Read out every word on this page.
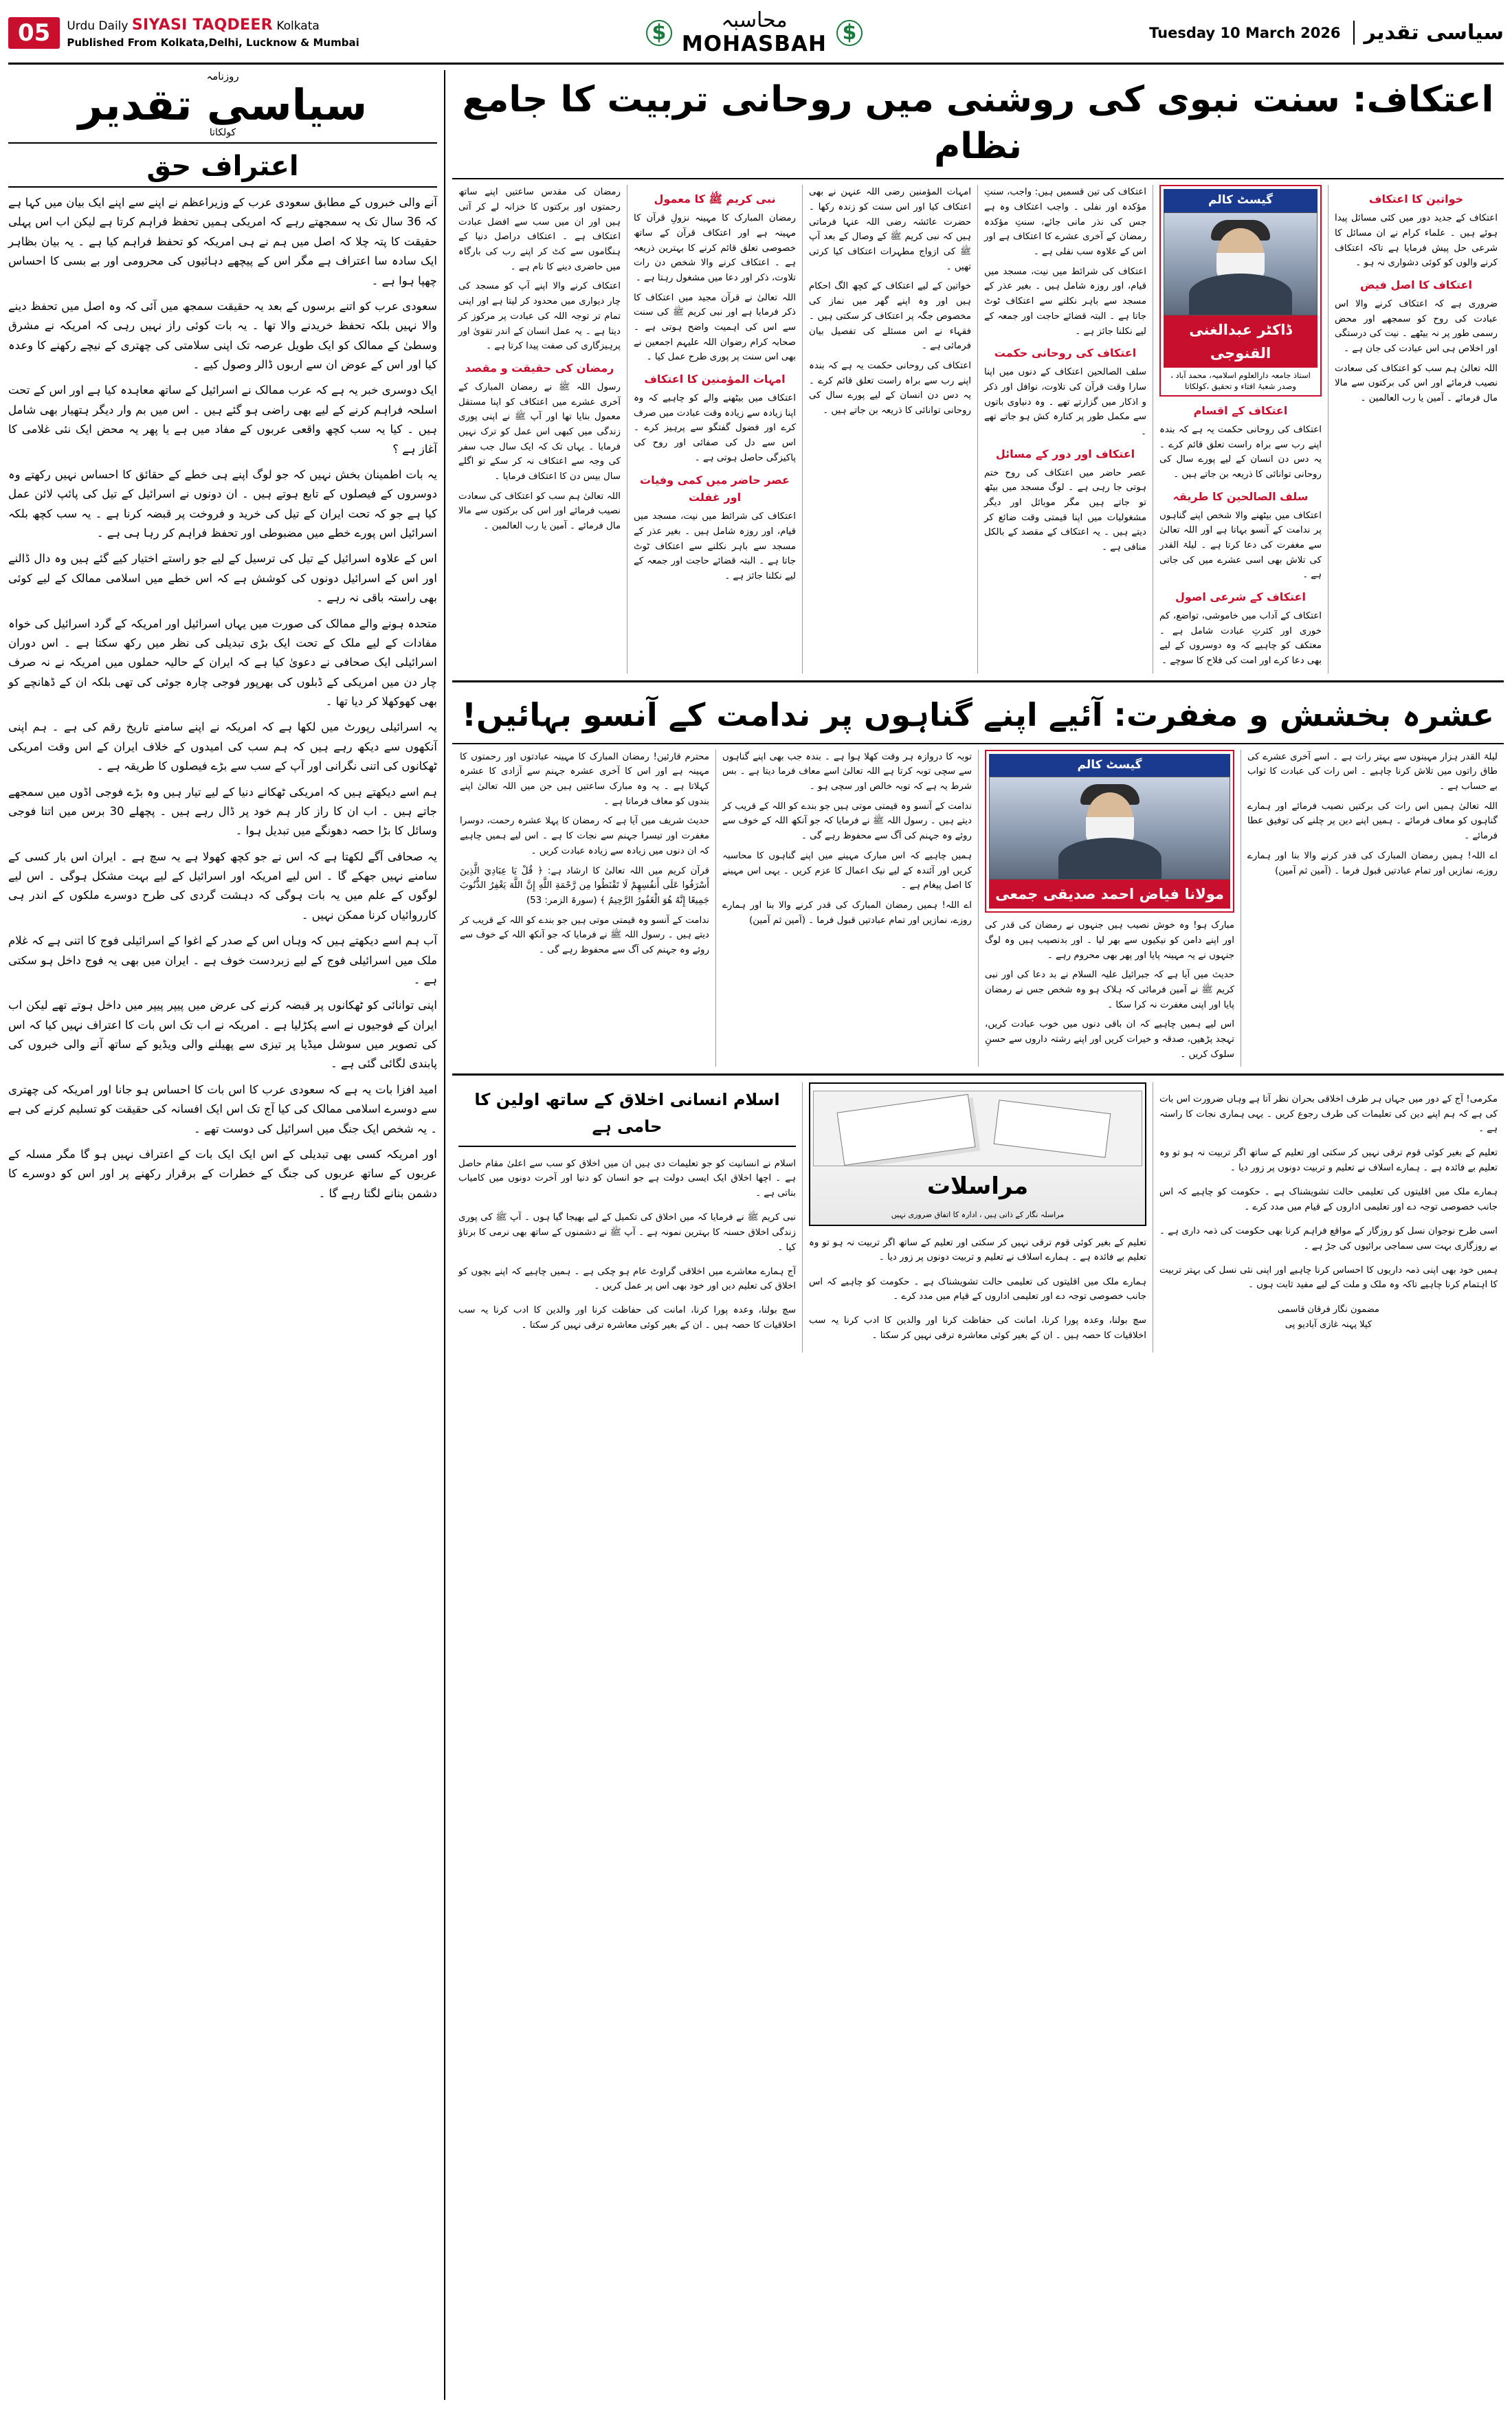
05	Urdu Daily SIYASI TAQDEER Kolkata
Published From Kolkata,Delhi, Lucknow & Mumbai	$
محاسبہ
MOHASBAH $	Tuesday 10 March 2026	سیاسی تقدیر
اعتکاف: سنت نبوی کی روشنی میں روحانی تربیت کا جامع نظام
خواتین کا اعتکاف

اعتکاف کے جدید دور میں کئی مسائل پیدا ہوئے ہیں ۔ علماء کرام نے ان مسائل کا شرعی حل پیش فرمایا ہے تاکہ اعتکاف کرنے والوں کو کوئی دشواری نہ ہو ۔

اعتکاف کا اصل فیض

ضروری ہے کہ اعتکاف کرنے والا اس عبادت کی روح کو سمجھے اور محض رسمی طور پر نہ بیٹھے ۔ نیت کی درستگی اور اخلاص ہی اس عبادت کی جان ہے ۔

اللہ تعالیٰ ہم سب کو اعتکاف کی سعادت نصیب فرمائے اور اس کی برکتوں سے مالا مال فرمائے ۔ آمین یا رب العالمین ۔

گیسٹ کالم
ڈاکٹر عبدالغنی القنوجی
استاذ جامعہ دارالعلوم اسلامیہ، محمد آباد ، وصدر شعبۂ افتاء و تحقیق ،کولکاتا
اعتکاف کے اقسام

اعتکاف کی روحانی حکمت یہ ہے کہ بندہ اپنے رب سے براہ راست تعلق قائم کرے ۔ یہ دس دن انسان کے لیے پورے سال کی روحانی توانائی کا ذریعہ بن جاتے ہیں ۔

سلف الصالحین کا طریقہ

اعتکاف میں بیٹھنے والا شخص اپنے گناہوں پر ندامت کے آنسو بہاتا ہے اور اللہ تعالیٰ سے مغفرت کی دعا کرتا ہے ۔ لیلۃ القدر کی تلاش بھی اسی عشرے میں کی جاتی ہے ۔

اعتکاف کے شرعی اصول

اعتکاف کے آداب میں خاموشی، تواضع، کم خوری اور کثرتِ عبادت شامل ہے ۔ معتکف کو چاہیے کہ وہ دوسروں کے لیے بھی دعا کرے اور امت کی فلاح کا سوچے ۔

اعتکاف کی تین قسمیں ہیں: واجب، سنتِ مؤکدہ اور نفلی ۔ واجب اعتکاف وہ ہے جس کی نذر مانی جائے، سنتِ مؤکدہ رمضان کے آخری عشرے کا اعتکاف ہے اور اس کے علاوہ سب نفلی ہے ۔

اعتکاف کی شرائط میں نیت، مسجد میں قیام، اور روزہ شامل ہیں ۔ بغیر عذر کے مسجد سے باہر نکلنے سے اعتکاف ٹوٹ جاتا ہے ۔ البتہ قضائے حاجت اور جمعہ کے لیے نکلنا جائز ہے ۔

اعتکاف کی روحانی حکمت

سلف الصالحین اعتکاف کے دنوں میں اپنا سارا وقت قرآن کی تلاوت، نوافل اور ذکر و اذکار میں گزارتے تھے ۔ وہ دنیاوی باتوں سے مکمل طور پر کنارہ کش ہو جاتے تھے ۔

اعتکاف اور دور کے مسائل

عصر حاضر میں اعتکاف کی روح ختم ہوتی جا رہی ہے ۔ لوگ مسجد میں بیٹھ تو جاتے ہیں مگر موبائل اور دیگر مشغولیات میں اپنا قیمتی وقت ضائع کر دیتے ہیں ۔ یہ اعتکاف کے مقصد کے بالکل منافی ہے ۔

امہات المؤمنین رضی اللہ عنہن نے بھی اعتکاف کیا اور اس سنت کو زندہ رکھا ۔ حضرت عائشہ رضی اللہ عنہا فرماتی ہیں کہ نبی کریم ﷺ کے وصال کے بعد آپ ﷺ کی ازواج مطہرات اعتکاف کیا کرتی تھیں ۔

خواتین کے لیے اعتکاف کے کچھ الگ احکام ہیں اور وہ اپنے گھر میں نماز کی مخصوص جگہ پر اعتکاف کر سکتی ہیں ۔ فقہاء نے اس مسئلے کی تفصیل بیان فرمائی ہے ۔

اعتکاف کی روحانی حکمت یہ ہے کہ بندہ اپنے رب سے براہ راست تعلق قائم کرے ۔ یہ دس دن انسان کے لیے پورے سال کی روحانی توانائی کا ذریعہ بن جاتے ہیں ۔

نبی کریم ﷺ کا معمول

رمضان المبارک کا مہینہ نزولِ قرآن کا مہینہ ہے اور اعتکاف قرآن کے ساتھ خصوصی تعلق قائم کرنے کا بہترین ذریعہ ہے ۔ اعتکاف کرنے والا شخص دن رات تلاوت، ذکر اور دعا میں مشغول رہتا ہے ۔

اللہ تعالیٰ نے قرآن مجید میں اعتکاف کا ذکر فرمایا ہے اور نبی کریم ﷺ کی سنت سے اس کی اہمیت واضح ہوتی ہے ۔ صحابہ کرام رضوان اللہ علیہم اجمعین نے بھی اس سنت پر پوری طرح عمل کیا ۔

امہات المؤمنین کا اعتکاف

اعتکاف میں بیٹھنے والے کو چاہیے کہ وہ اپنا زیادہ سے زیادہ وقت عبادت میں صرف کرے اور فضول گفتگو سے پرہیز کرے ۔ اس سے دل کی صفائی اور روح کی پاکیزگی حاصل ہوتی ہے ۔

عصر حاضر میں کمی وفیات اور غفلت

اعتکاف کی شرائط میں نیت، مسجد میں قیام، اور روزہ شامل ہیں ۔ بغیر عذر کے مسجد سے باہر نکلنے سے اعتکاف ٹوٹ جاتا ہے ۔ البتہ قضائے حاجت اور جمعہ کے لیے نکلنا جائز ہے ۔

رمضان کی مقدس ساعتیں اپنے ساتھ رحمتوں اور برکتوں کا خزانہ لے کر آتی ہیں اور ان میں سب سے افضل عبادت اعتکاف ہے ۔ اعتکاف دراصل دنیا کے ہنگاموں سے کٹ کر اپنے رب کی بارگاہ میں حاضری دینے کا نام ہے ۔

اعتکاف کرنے والا اپنے آپ کو مسجد کی چار دیواری میں محدود کر لیتا ہے اور اپنی تمام تر توجہ اللہ کی عبادت پر مرکوز کر دیتا ہے ۔ یہ عمل انسان کے اندر تقویٰ اور پرہیزگاری کی صفت پیدا کرتا ہے ۔

رمضان کی حقیقت و مقصد

رسول اللہ ﷺ نے رمضان المبارک کے آخری عشرے میں اعتکاف کو اپنا مستقل معمول بنایا تھا اور آپ ﷺ نے اپنی پوری زندگی میں کبھی اس عمل کو ترک نہیں فرمایا ۔ یہاں تک کہ ایک سال جب سفر کی وجہ سے اعتکاف نہ کر سکے تو اگلے سال بیس دن کا اعتکاف فرمایا ۔

اللہ تعالیٰ ہم سب کو اعتکاف کی سعادت نصیب فرمائے اور اس کی برکتوں سے مالا مال فرمائے ۔ آمین یا رب العالمین ۔

عشرہ بخشش و مغفرت: آئیے اپنے گناہوں پر ندامت کے آنسو بہائیں!

لیلۃ القدر ہزار مہینوں سے بہتر رات ہے ۔ اسے آخری عشرے کی طاق راتوں میں تلاش کرنا چاہیے ۔ اس رات کی عبادت کا ثواب بے حساب ہے ۔

اللہ تعالیٰ ہمیں اس رات کی برکتیں نصیب فرمائے اور ہمارے گناہوں کو معاف فرمائے ۔ ہمیں اپنے دین پر چلنے کی توفیق عطا فرمائے ۔

اے اللہ! ہمیں رمضان المبارک کی قدر کرنے والا بنا اور ہمارے روزے، نمازیں اور تمام عبادتیں قبول فرما ۔ (آمین ثم آمین)

گیسٹ کالم
مولانا فیاض احمد صدیقی جمعی

مبارک ہو! وہ خوش نصیب ہیں جنہوں نے رمضان کی قدر کی اور اپنے دامن کو نیکیوں سے بھر لیا ۔ اور بدنصیب ہیں وہ لوگ جنہوں نے یہ مہینہ پایا اور پھر بھی محروم رہے ۔

حدیث میں آیا ہے کہ جبرائیل علیہ السلام نے بد دعا کی اور نبی کریم ﷺ نے آمین فرمائی کہ ہلاک ہو وہ شخص جس نے رمضان پایا اور اپنی مغفرت نہ کرا سکا ۔

اس لیے ہمیں چاہیے کہ ان باقی دنوں میں خوب عبادت کریں، تہجد پڑھیں، صدقہ و خیرات کریں اور اپنے رشتہ داروں سے حسنِ سلوک کریں ۔

توبہ کا دروازہ ہر وقت کھلا ہوا ہے ۔ بندہ جب بھی اپنے گناہوں سے سچی توبہ کرتا ہے اللہ تعالیٰ اسے معاف فرما دیتا ہے ۔ بس شرط یہ ہے کہ توبہ خالص اور سچی ہو ۔

ندامت کے آنسو وہ قیمتی موتی ہیں جو بندے کو اللہ کے قریب کر دیتے ہیں ۔ رسول اللہ ﷺ نے فرمایا کہ جو آنکھ اللہ کے خوف سے روئے وہ جہنم کی آگ سے محفوظ رہے گی ۔

ہمیں چاہیے کہ اس مبارک مہینے میں اپنے گناہوں کا محاسبہ کریں اور آئندہ کے لیے نیک اعمال کا عزم کریں ۔ یہی اس مہینے کا اصل پیغام ہے ۔

اے اللہ! ہمیں رمضان المبارک کی قدر کرنے والا بنا اور ہمارے روزے، نمازیں اور تمام عبادتیں قبول فرما ۔ (آمین ثم آمین)

محترم قارئین! رمضان المبارک کا مہینہ عبادتوں اور رحمتوں کا مہینہ ہے اور اس کا آخری عشرہ جہنم سے آزادی کا عشرہ کہلاتا ہے ۔ یہ وہ مبارک ساعتیں ہیں جن میں اللہ تعالیٰ اپنے بندوں کو معاف فرماتا ہے ۔

حدیث شریف میں آیا ہے کہ رمضان کا پہلا عشرہ رحمت، دوسرا مغفرت اور تیسرا جہنم سے نجات کا ہے ۔ اس لیے ہمیں چاہیے کہ ان دنوں میں زیادہ سے زیادہ عبادت کریں ۔

قرآن کریم میں اللہ تعالیٰ کا ارشاد ہے: ﴿ قُلْ يَا عِبَادِيَ الَّذِينَ أَسْرَفُوا عَلَى أَنفُسِهِمْ لَا تَقْنَطُوا مِن رَّحْمَةِ اللَّهِ إِنَّ اللَّهَ يَغْفِرُ الذُّنُوبَ جَمِيعًا إِنَّهُ هُوَ الْغَفُورُ الرَّحِيمُ ﴾ (سورۃ الزمر: 53)

ندامت کے آنسو وہ قیمتی موتی ہیں جو بندے کو اللہ کے قریب کر دیتے ہیں ۔ رسول اللہ ﷺ نے فرمایا کہ جو آنکھ اللہ کے خوف سے روئے وہ جہنم کی آگ سے محفوظ رہے گی ۔

مکرمی! آج کے دور میں جہاں ہر طرف اخلاقی بحران نظر آتا ہے وہاں ضرورت اس بات کی ہے کہ ہم اپنے دین کی تعلیمات کی طرف رجوع کریں ۔ یہی ہماری نجات کا راستہ ہے ۔

تعلیم کے بغیر کوئی قوم ترقی نہیں کر سکتی اور تعلیم کے ساتھ اگر تربیت نہ ہو تو وہ تعلیم بے فائدہ ہے ۔ ہمارے اسلاف نے تعلیم و تربیت دونوں پر زور دیا ۔

ہمارے ملک میں اقلیتوں کی تعلیمی حالت تشویشناک ہے ۔ حکومت کو چاہیے کہ اس جانب خصوصی توجہ دے اور تعلیمی اداروں کے قیام میں مدد کرے ۔

اسی طرح نوجوان نسل کو روزگار کے مواقع فراہم کرنا بھی حکومت کی ذمہ داری ہے ۔ بے روزگاری بہت سی سماجی برائیوں کی جڑ ہے ۔

ہمیں خود بھی اپنی ذمہ داریوں کا احساس کرنا چاہیے اور اپنی نئی نسل کی بہتر تربیت کا اہتمام کرنا چاہیے تاکہ وہ ملک و ملت کے لیے مفید ثابت ہوں ۔

مضمون نگار فرقان قاسمی
کیلا پہنہ غازی آبادیو پی
مراسلات
مراسلہ نگار کے ذاتی ہیں ، ادارہ کا اتفاق ضروری نہیں

تعلیم کے بغیر کوئی قوم ترقی نہیں کر سکتی اور تعلیم کے ساتھ اگر تربیت نہ ہو تو وہ تعلیم بے فائدہ ہے ۔ ہمارے اسلاف نے تعلیم و تربیت دونوں پر زور دیا ۔

ہمارے ملک میں اقلیتوں کی تعلیمی حالت تشویشناک ہے ۔ حکومت کو چاہیے کہ اس جانب خصوصی توجہ دے اور تعلیمی اداروں کے قیام میں مدد کرے ۔

سچ بولنا، وعدہ پورا کرنا، امانت کی حفاظت کرنا اور والدین کا ادب کرنا یہ سب اخلاقیات کا حصہ ہیں ۔ ان کے بغیر کوئی معاشرہ ترقی نہیں کر سکتا ۔

اسلام انسانی اخلاق کے ساتھ اولین کا حامی ہے

اسلام نے انسانیت کو جو تعلیمات دی ہیں ان میں اخلاق کو سب سے اعلیٰ مقام حاصل ہے ۔ اچھا اخلاق ایک ایسی دولت ہے جو انسان کو دنیا اور آخرت دونوں میں کامیاب بناتی ہے ۔

نبی کریم ﷺ نے فرمایا کہ میں اخلاق کی تکمیل کے لیے بھیجا گیا ہوں ۔ آپ ﷺ کی پوری زندگی اخلاق حسنہ کا بہترین نمونہ ہے ۔ آپ ﷺ نے دشمنوں کے ساتھ بھی نرمی کا برتاؤ کیا ۔

آج ہمارے معاشرے میں اخلاقی گراوٹ عام ہو چکی ہے ۔ ہمیں چاہیے کہ اپنے بچوں کو اخلاق کی تعلیم دیں اور خود بھی اس پر عمل کریں ۔

سچ بولنا، وعدہ پورا کرنا، امانت کی حفاظت کرنا اور والدین کا ادب کرنا یہ سب اخلاقیات کا حصہ ہیں ۔ ان کے بغیر کوئی معاشرہ ترقی نہیں کر سکتا ۔

روزنامہ
سیاسی تقدیر
کولکاتا
اعتراف حق

آنے والی خبروں کے مطابق سعودی عرب کے وزیراعظم نے اپنے سے اپنے ایک بیان میں کہا ہے کہ 36 سال تک یہ سمجھتے رہے کہ امریکی ہمیں تحفظ فراہم کرتا ہے لیکن اب اس پہلی حقیقت کا پتہ چلا کہ اصل میں ہم نے ہی امریکہ کو تحفظ فراہم کیا ہے ۔ یہ بیان بظاہر ایک سادہ سا اعتراف ہے مگر اس کے پیچھے دہائیوں کی محرومی اور بے بسی کا احساس چھپا ہوا ہے ۔

سعودی عرب کو اتنے برسوں کے بعد یہ حقیقت سمجھ میں آئی کہ وہ اصل میں تحفظ دینے والا نہیں بلکہ تحفظ خریدنے والا تھا ۔ یہ بات کوئی راز نہیں رہی کہ امریکہ نے مشرق وسطیٰ کے ممالک کو ایک طویل عرصہ تک اپنی سلامتی کی چھتری کے نیچے رکھنے کا وعدہ کیا اور اس کے عوض ان سے اربوں ڈالر وصول کیے ۔

ایک دوسری خبر یہ ہے کہ عرب ممالک نے اسرائیل کے ساتھ معاہدہ کیا ہے اور اس کے تحت اسلحہ فراہم کرنے کے لیے بھی راضی ہو گئے ہیں ۔ اس میں بم وار دیگر ہتھیار بھی شامل ہیں ۔ کیا یہ سب کچھ واقعی عربوں کے مفاد میں ہے یا پھر یہ محض ایک نئی غلامی کا آغاز ہے ؟

یہ بات اطمینان بخش نہیں کہ جو لوگ اپنے ہی خطے کے حقائق کا احساس نہیں رکھتے وہ دوسروں کے فیصلوں کے تابع ہوتے ہیں ۔ ان دونوں نے اسرائیل کے تیل کی پائپ لائن عمل کیا ہے جو کہ تحت ایران کے تیل کی خرید و فروخت پر قبضہ کرنا ہے ۔ یہ سب کچھ بلکہ اسرائیل اس پورے خطے میں مضبوطی اور تحفظ فراہم کر رہا ہی ہے ۔

اس کے علاوہ اسرائیل کے تیل کی ترسیل کے لیے جو راستے اختیار کیے گئے ہیں وہ دال ڈالنے اور اس کے اسرائیل دونوں کی کوشش ہے کہ اس خطے میں اسلامی ممالک کے لیے کوئی بھی راستہ باقی نہ رہے ۔

متحدہ ہونے والے ممالک کی صورت میں یہاں اسرائیل اور امریکہ کے گرد اسرائیل کی خواہ مفادات کے لیے ملک کے تحت ایک بڑی تبدیلی کی نظر میں رکھ سکتا ہے ۔ اس دوران اسرائیلی ایک صحافی نے دعویٰ کیا ہے کہ ایران کے حالیہ حملوں میں امریکہ نے نہ صرف چار دن میں امریکی کے ڈبلوں کی بھرپور فوجی چارہ جوئی کی تھی بلکہ ان کے ڈھانچے کو بھی کھوکھلا کر دیا تھا ۔

یہ اسرائیلی رپورٹ میں لکھا ہے کہ امریکہ نے اپنے سامنے تاریخ رقم کی ہے ۔ ہم اپنی آنکھوں سے دیکھ رہے ہیں کہ ہم سب کی امیدوں کے خلاف ایران کے اس وقت امریکی ٹھکانوں کی اتنی نگرانی اور آپ کے سب سے بڑے فیصلوں کا طریقہ ہے ۔

ہم اسے دیکھتے ہیں کہ امریکی ٹھکانے دنیا کے لیے تیار ہیں وہ بڑے فوجی اڈوں میں سمجھے جاتے ہیں ۔ اب ان کا راز کار ہم خود پر ڈال رہے ہیں ۔ پچھلے 30 برس میں اتنا فوجی وسائل کا بڑا حصہ دھونگے میں تبدیل ہوا ۔

یہ صحافی آگے لکھتا ہے کہ اس نے جو کچھ کھولا ہے یہ سچ ہے ۔ ایران اس بار کسی کے سامنے نہیں جھکے گا ۔ اس لیے امریکہ اور اسرائیل کے لیے بہت مشکل ہوگی ۔ اس لیے لوگوں کے علم میں یہ بات ہوگی کہ دہشت گردی کی طرح دوسرے ملکوں کے اندر ہی کارروائیاں کرنا ممکن نہیں ۔

آب ہم اسے دیکھتے ہیں کہ وہاں اس کے صدر کے اغوا کے اسرائیلی فوج کا اتنی ہے کہ غلام ملک میں اسرائیلی فوج کے لیے زبردست خوف ہے ۔ ایران میں بھی یہ فوج داخل ہو سکتی ہے ۔

اپنی توانائی کو ٹھکانوں پر قبضہ کرنے کی عرض میں پیپر پیپر میں داخل ہوتے تھے لیکن اب ایران کے فوجیوں نے اسے پکڑلیا ہے ۔ امریکہ نے اب تک اس بات کا اعتراف نہیں کیا کہ اس کی تصویر میں سوشل میڈیا پر تیزی سے پھیلنے والی ویڈیو کے ساتھ آنے والی خبروں کی پابندی لگائی گئی ہے ۔

امید افزا بات یہ ہے کہ سعودی عرب کا اس بات کا احساس ہو جانا اور امریکہ کی چھتری سے دوسرے اسلامی ممالک کی کیا آج تک اس ایک افسانہ کی حقیقت کو تسلیم کرنے کی ہے ۔ یہ شخص ایک جنگ میں اسرائیل کی دوست تھے ۔

اور امریکہ کسی بھی تبدیلی کے اس ایک ایک بات کے اعتراف نہیں ہو گا مگر مسلہ کے عربوں کے ساتھ عربوں کی جنگ کے خطرات کے برقرار رکھنے پر اور اس کو دوسرے کا دشمن بنانے لگتا رہے گا ۔
